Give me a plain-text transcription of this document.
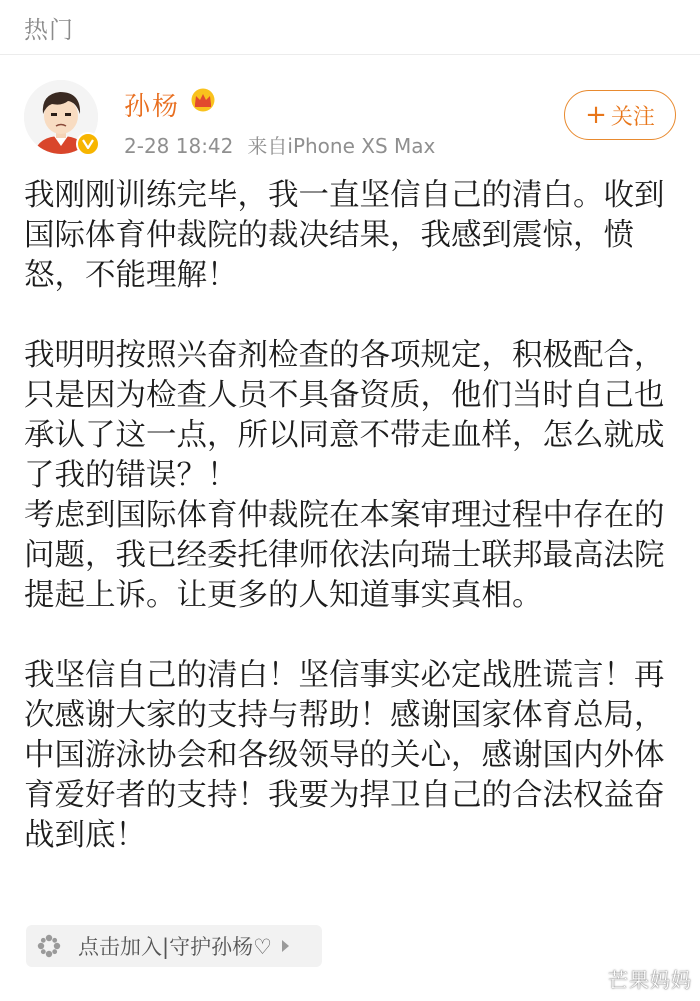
热门
孙杨
2-28 18:42 来自iPhone XS Max
+ 关注

我刚刚训练完毕，我一直坚信自己的清白。收到国际体育仲裁院的裁决结果，我感到震惊，愤怒，不能理解！

我明明按照兴奋剂检查的各项规定，积极配合，只是因为检查人员不具备资质，他们当时自己也承认了这一点，所以同意不带走血样，怎么就成了我的错误？！

考虑到国际体育仲裁院在本案审理过程中存在的问题，我已经委托律师依法向瑞士联邦最高法院提起上诉。让更多的人知道事实真相。

我坚信自己的清白！坚信事实必定战胜谎言！再次感谢大家的支持与帮助！感谢国家体育总局，中国游泳协会和各级领导的关心，感谢国内外体育爱好者的支持！我要为捍卫自己的合法权益奋战到底！

点击加入|守护孙杨♡
芒果妈妈
